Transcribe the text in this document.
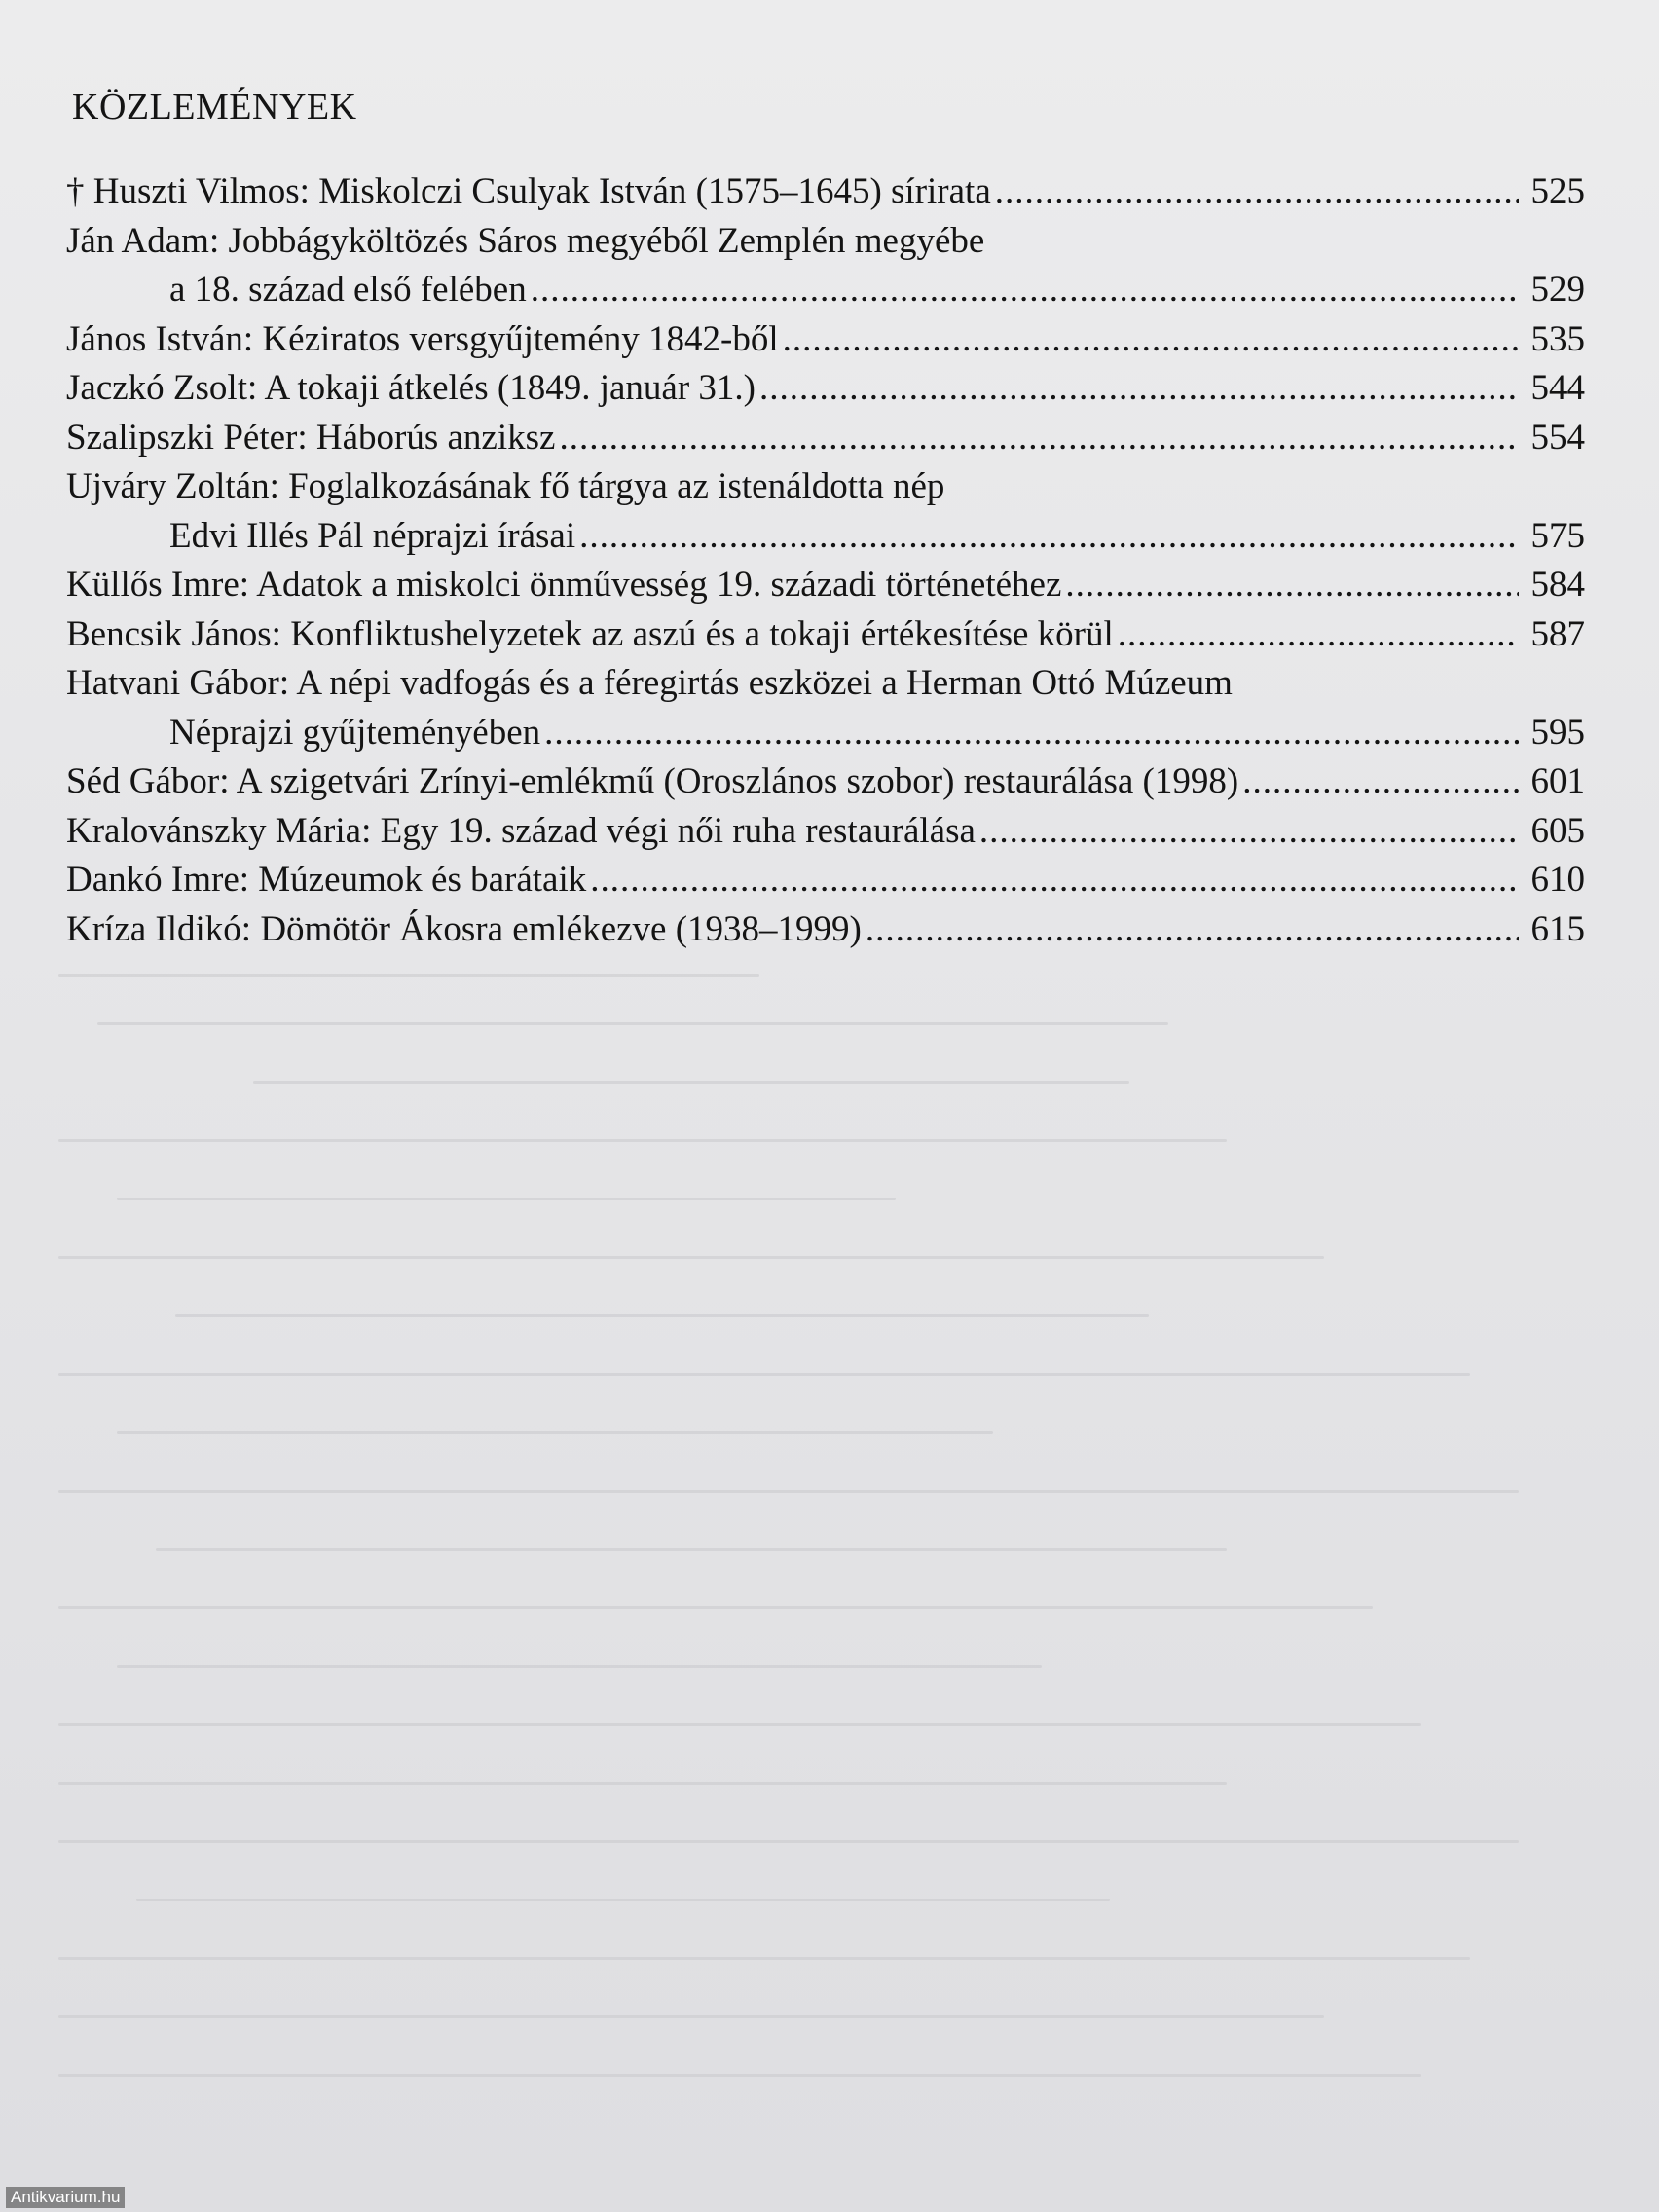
KÖZLEMÉNYEK
† Huszti Vilmos: Miskolczi Csulyak István (1575–1645) sírirata .....	525
Ján Adam: Jobbágyköltözés Sáros megyéből Zemplén megyébe
a 18. század első felében .....	529
János István: Kéziratos versgyűjtemény 1842-ből .....	535
Jaczkó Zsolt: A tokaji átkelés (1849. január 31.) .....	544
Szalipszki Péter: Háborús anziksz .....	554
Ujváry Zoltán: Foglalkozásának fő tárgya az istenáldotta nép
Edvi Illés Pál néprajzi írásai .....	575
Küllős Imre: Adatok a miskolci önművesség 19. századi történetéhez .....	584
Bencsik János: Konfliktushelyzetek az aszú és a tokaji értékesítése körül .....	587
Hatvani Gábor: A népi vadfogás és a féregirtás eszközei a Herman Ottó Múzeum
Néprajzi gyűjteményében .....	595
Séd Gábor: A szigetvári Zrínyi-emlékmű (Oroszlános szobor) restaurálása (1998) .....	601
Kralovánszky Mária: Egy 19. század végi női ruha restaurálása .....	605
Dankó Imre: Múzeumok és barátaik .....	610
Kríza Ildikó: Dömötör Ákosra emlékezve (1938–1999) .....	615
Antikvarium.hu
